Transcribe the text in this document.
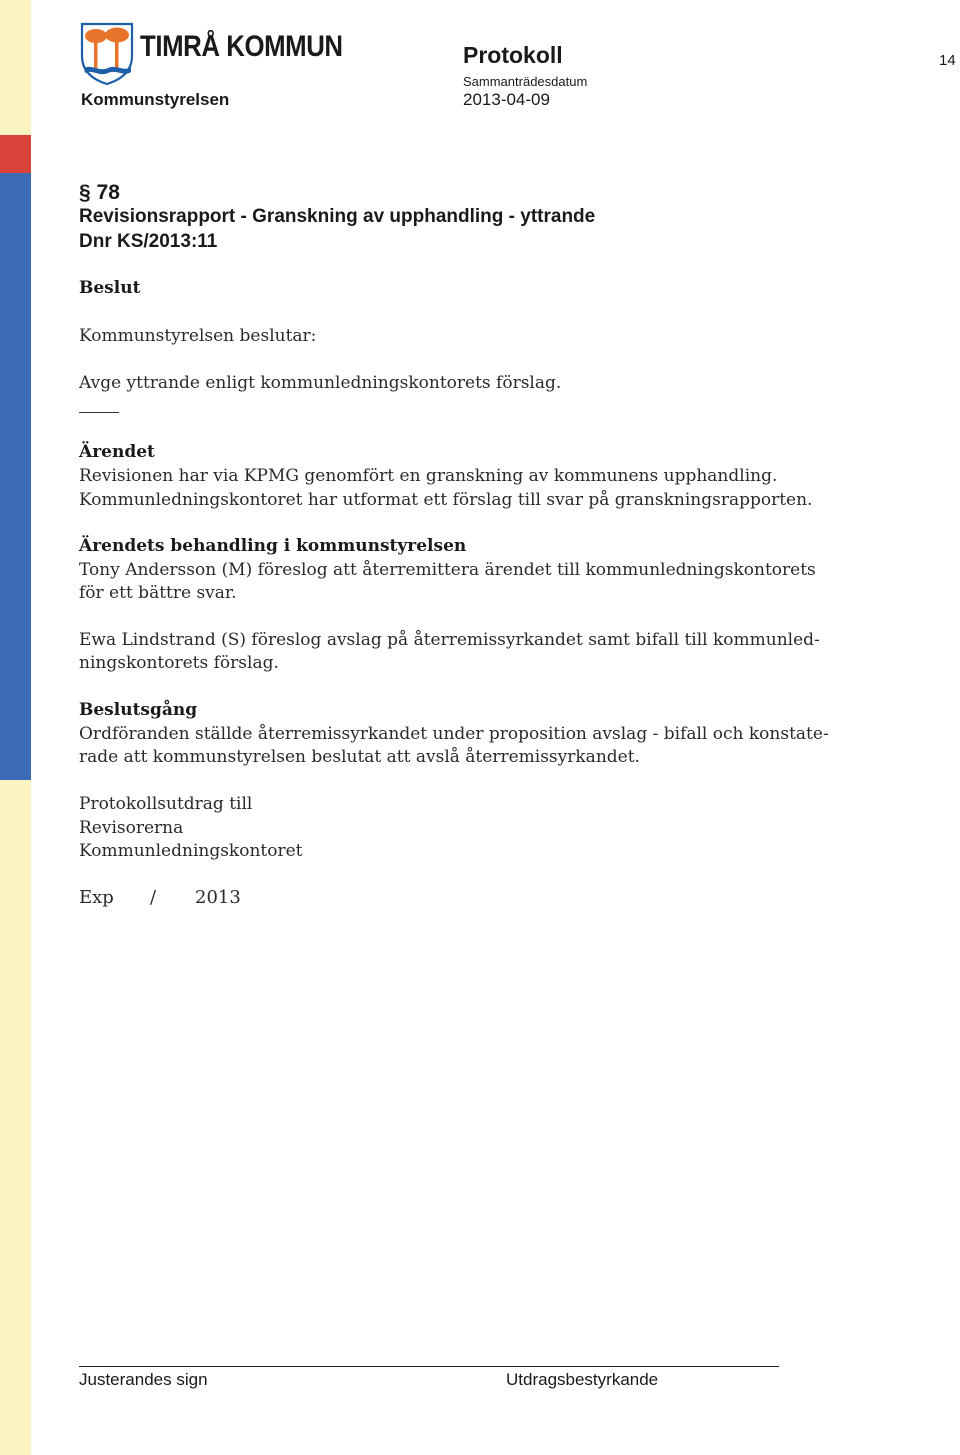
TIMRÅ KOMMUN	Protokoll	14
Sammanträdesdatum
Kommunstyrelsen	2013-04-09
§ 78
Revisionsrapport - Granskning av upphandling - yttrande
Dnr KS/2013:11
Beslut
Kommunstyrelsen beslutar:
Avge yttrande enligt kommunledningskontorets förslag.
Ärendet
Revisionen har via KPMG genomfört en granskning av kommunens upphandling.
Kommunledningskontoret har utformat ett förslag till svar på granskningsrapporten.
Ärendets behandling i kommunstyrelsen
Tony Andersson (M) föreslog att återremittera ärendet till kommunledningskontorets
för ett bättre svar.
Ewa Lindstrand (S) föreslog avslag på återremissyrkandet samt bifall till kommunled-
ningskontorets förslag.
Beslutsgång
Ordföranden ställde återremissyrkandet under proposition avslag - bifall och konstate-
rade att kommunstyrelsen beslutat att avslå återremissyrkandet.
Protokollsutdrag till
Revisorerna
Kommunledningskontoret
Exp / 2013
Justerandes sign	Utdragsbestyrkande
